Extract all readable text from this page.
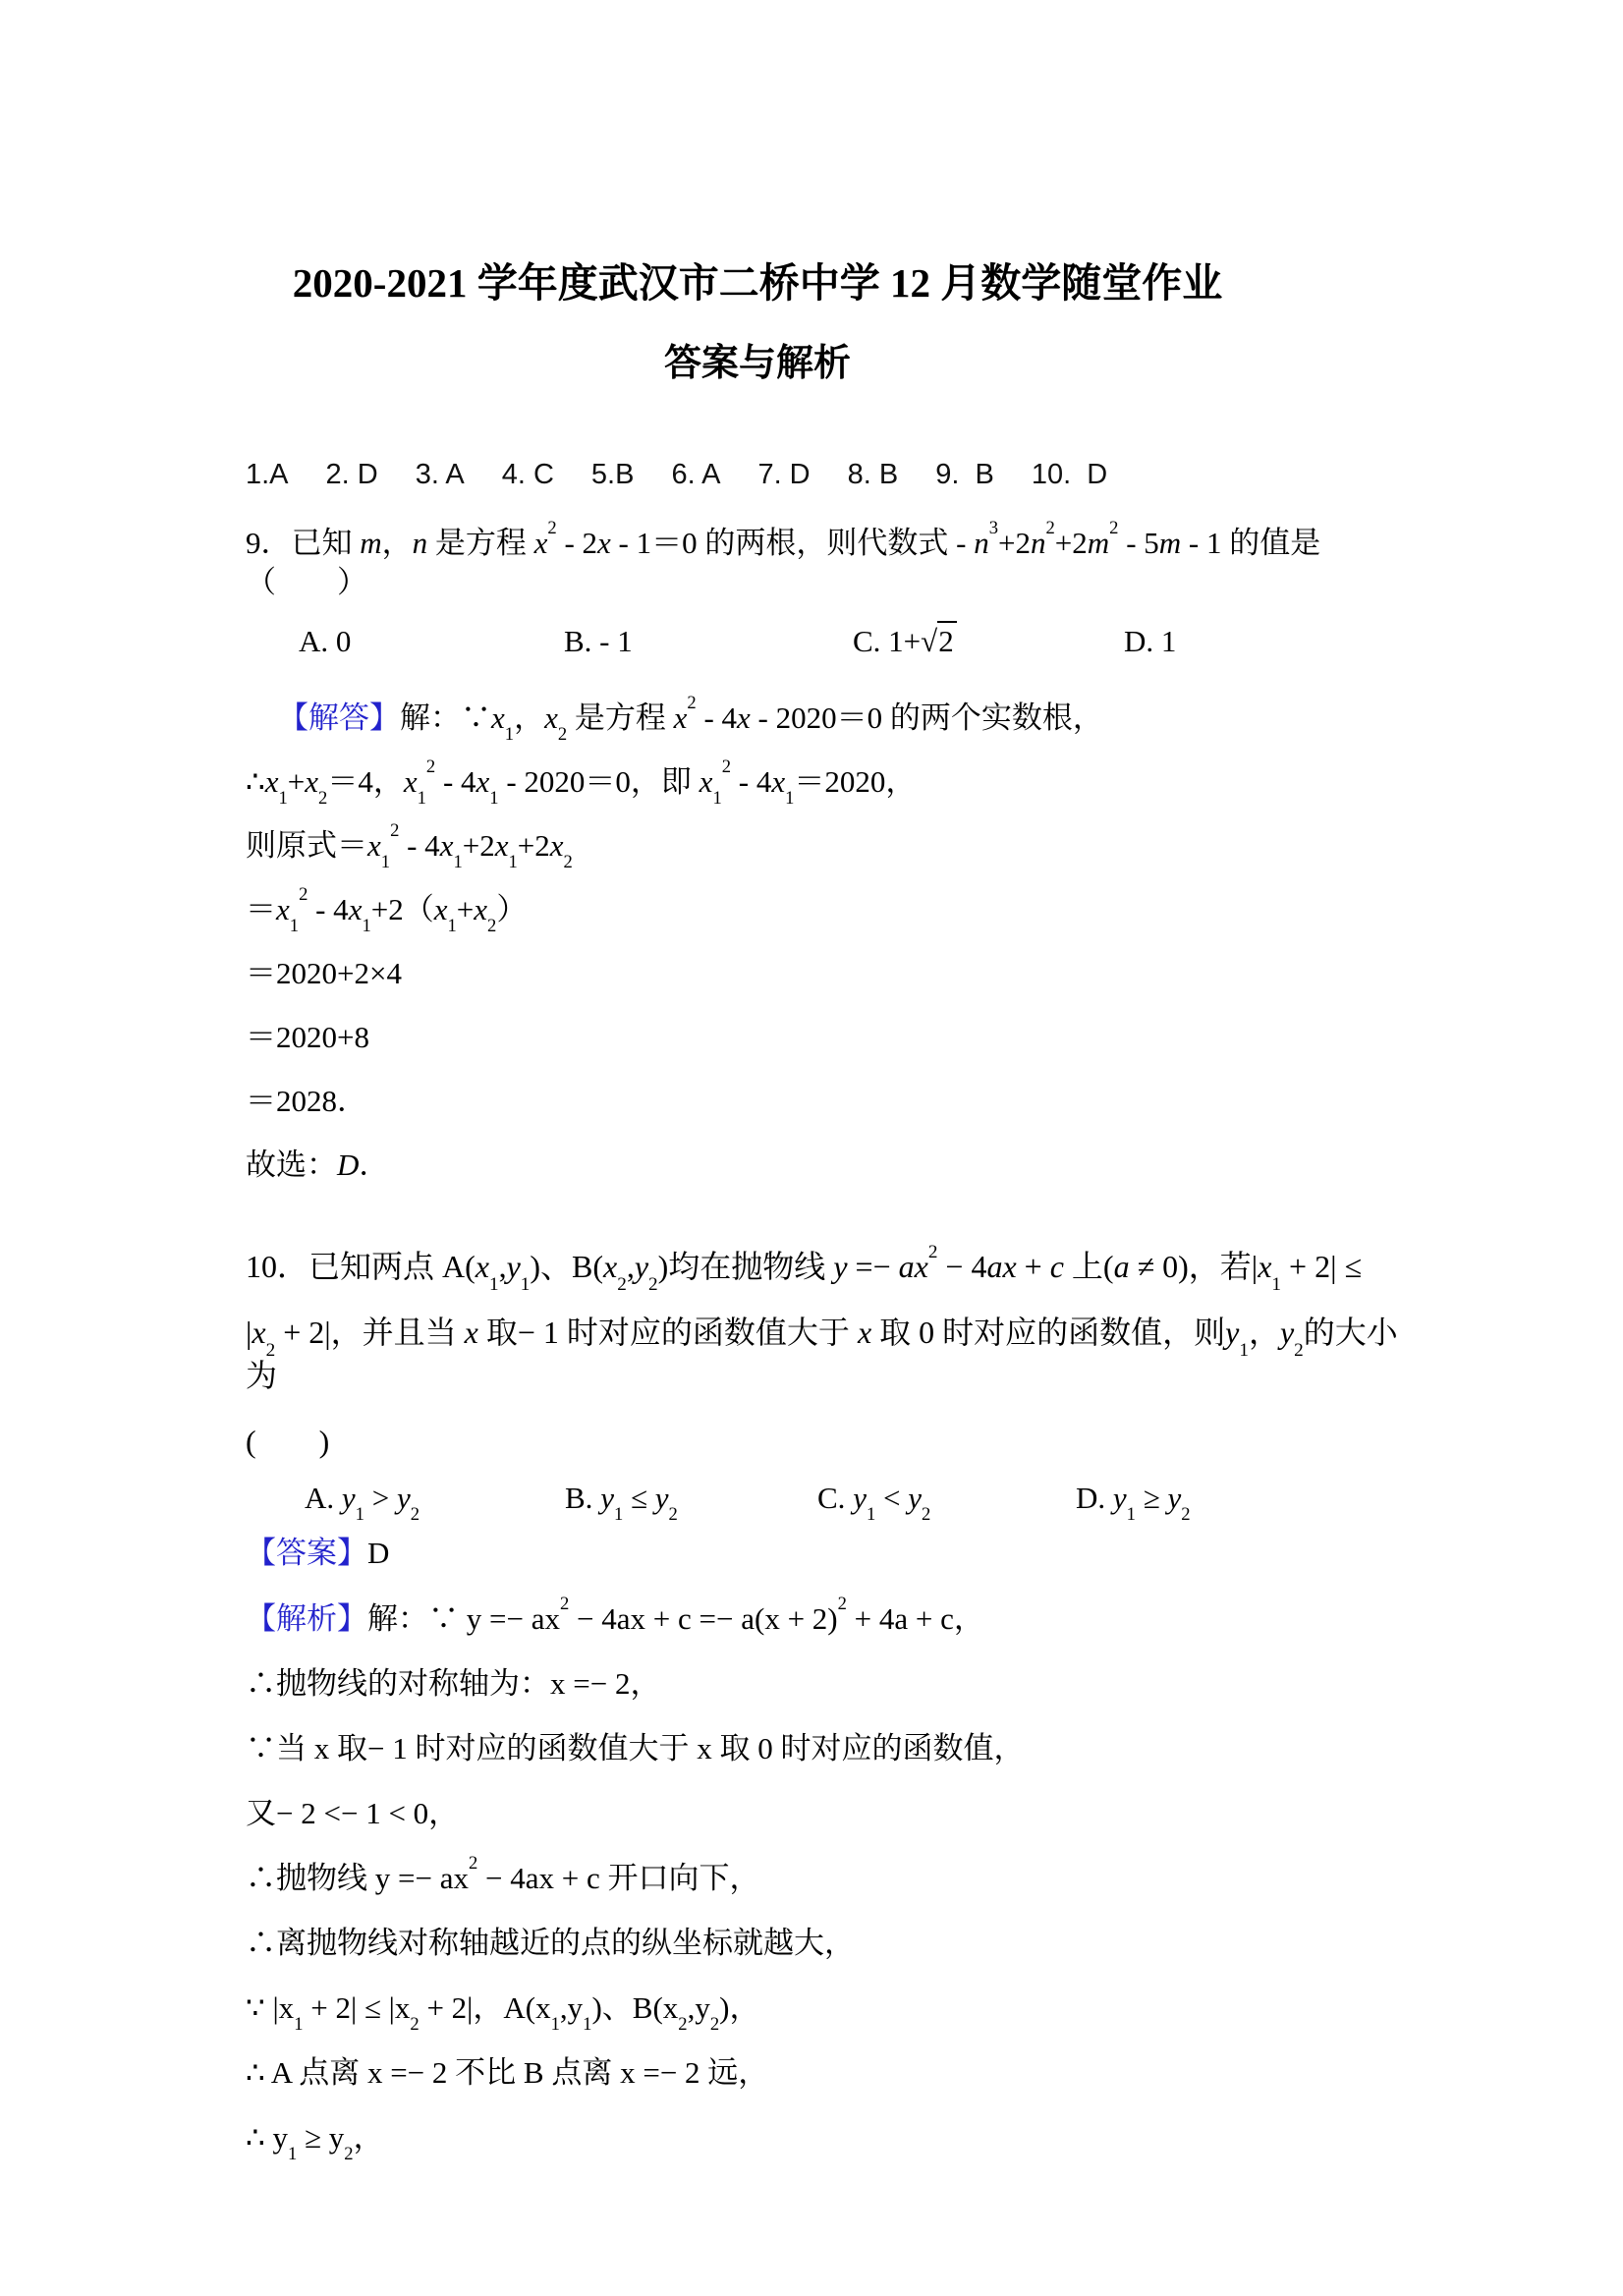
2020-2021 学年度武汉市二桥中学 12 月数学随堂作业
答案与解析
1.A 2. D 3. A 4. C 5.B 6. A 7. D 8. B 9.  B 10.  D
9．已知 m，n 是方程 $x^2 - 2x - 1=0$ 的两根，则代数式 - $n^3+2n^2+2m^2 - 5m - 1$ 的值是（　　）
A. 0	B. - 1	C. 1+√2	D. 1
【解答】解：$\because x_1$，$x_2$ 是方程 $x^2 - 4x - 2020=0$ 的两个实数根，
$\therefore x_1+x_2=4$，$x_1^2 - 4x_1 - 2020=0$，即 $x_1^2 - 4x_1=2020$，
则原式$=x_1^2 - 4x_1+2x_1+2x_2$
$=x_1^2 - 4x_1+2(x_1+x_2)$
＝2020+2×4
＝2020+8
＝2028．
故选：D．
10．已知两点 $A(x_1,y_1)$、$B(x_2,y_2)$均在抛物线 $y =- ax^2 - 4ax + c$ 上(a ≠ 0)，若$|x_1 + 2|$ ≤
$|x_2 + 2|$，并且当 x 取− 1 时对应的函数值大于 x 取 0 时对应的函数值，则$y_1$，$y_2$的大小为
(　　)
A. $y_1 > y_2$	B. $y_1 \le y_2$	C. $y_1 < y_2$	D. $y_1 \ge y_2$
【答案】D
【解析】解：∵ $y =- ax^2 - 4ax + c =- a(x + 2)^2 + 4a + c$，
∴抛物线的对称轴为：x =− 2，
∵当 x 取− 1 时对应的函数值大于 x 取 0 时对应的函数值，
又− 2 <− 1 < 0，
∴抛物线 $y =- ax^2 - 4ax + c$ 开口向下，
∴离抛物线对称轴越近的点的纵坐标就越大，
∵ $|x_1 + 2| \le |x_2 + 2|$，$A(x_1,y_1)$、$B(x_2,y_2)$，
∴ A 点离 x =− 2 不比 B 点离 x =− 2 远，
∴ $y_1 \ge y_2$，
